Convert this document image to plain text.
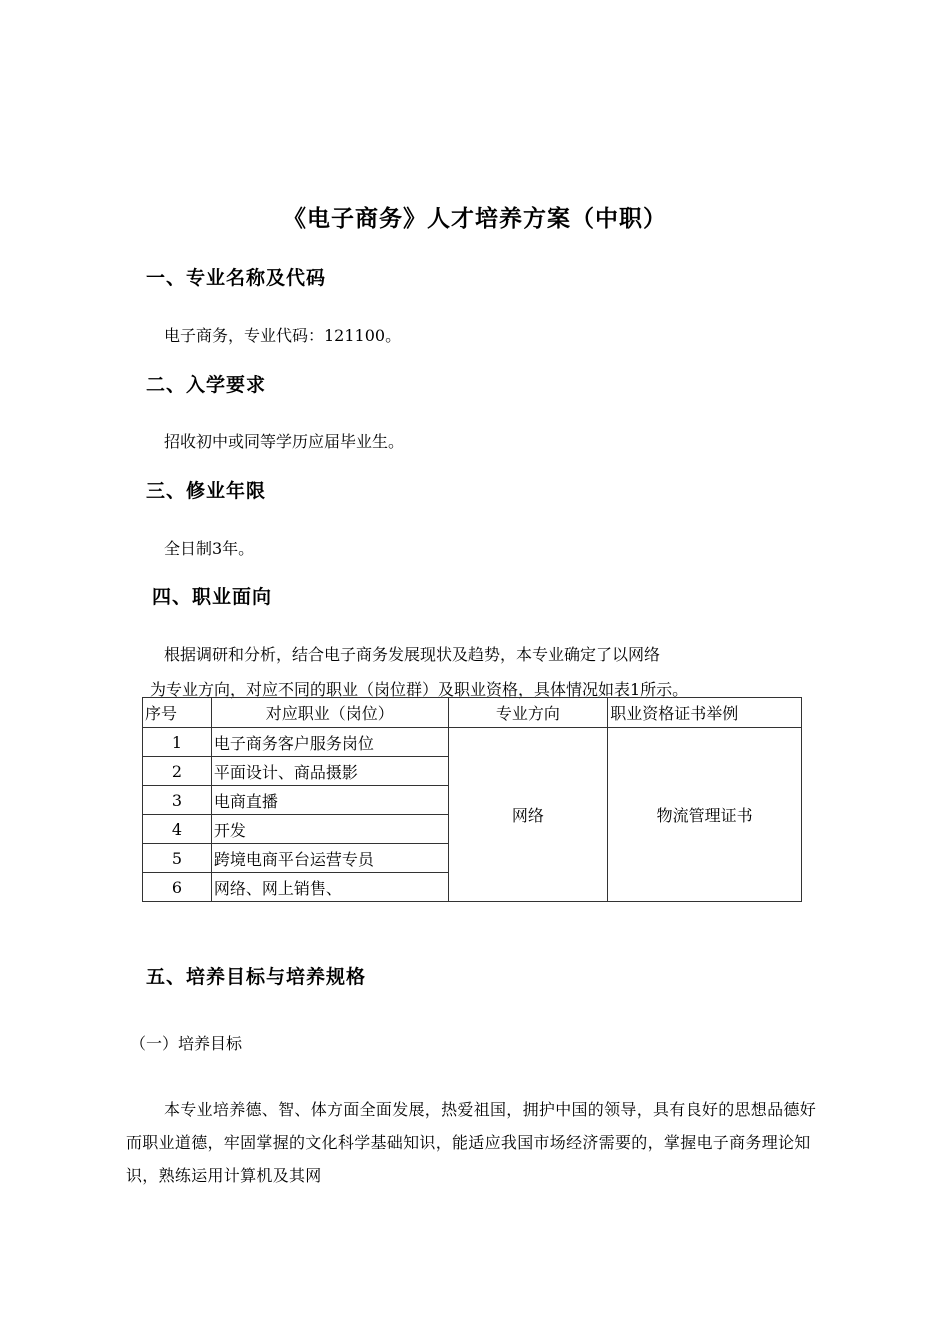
《电子商务》人才培养方案（中职）
一、专业名称及代码
电子商务，专业代码：121100。
二、入学要求
招收初中或同等学历应届毕业生。
三、修业年限
全日制3年。
四、职业面向
根据调研和分析，结合电子商务发展现状及趋势，本专业确定了以网络
为专业方向，对应不同的职业（岗位群）及职业资格，具体情况如表1所示。
序号	对应职业（岗位）	专业方向	职业资格证书举例
1	电子商务客户服务岗位	网络	物流管理证书
2	平面设计、商品摄影		
3	电商直播		
4	开发		
5	跨境电商平台运营专员		
6	网络、网上销售、		
五、培养目标与培养规格
（一）培养目标
本专业培养德、智、体方面全面发展，热爱祖国，拥护中国的领导，具有良好的思想品德好而职业道德，牢固掌握的文化科学基础知识，能适应我国市场经济需要的，掌握电子商务理论知识，熟练运用计算机及其网
